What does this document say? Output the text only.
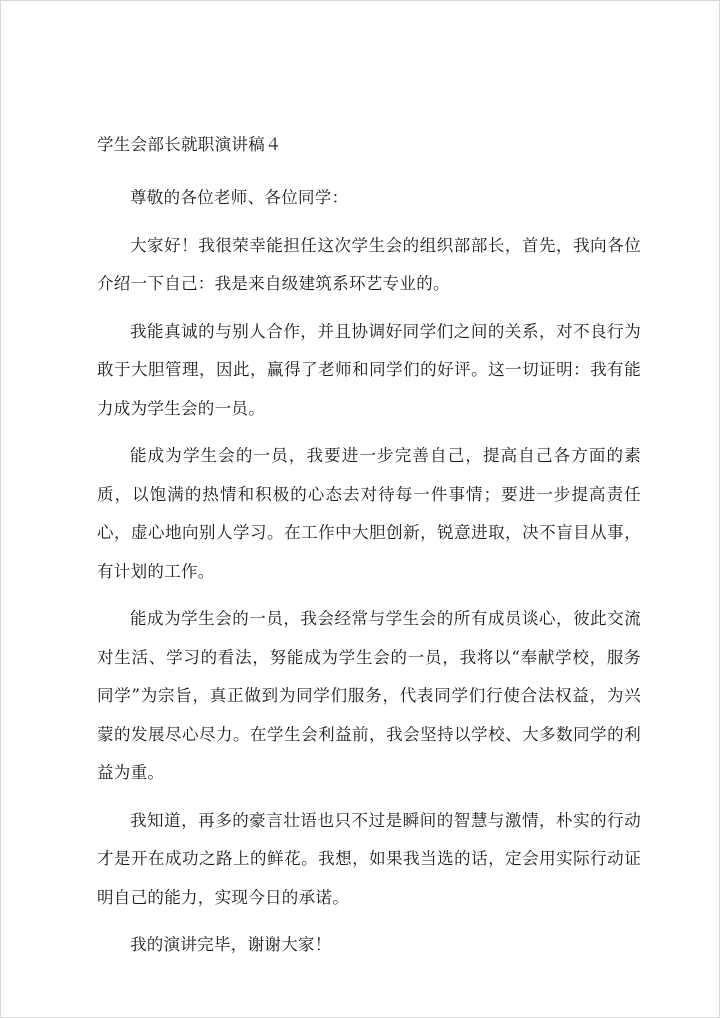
学生会部长就职演讲稿４

尊敬的各位老师、各位同学：

大家好！我很荣幸能担任这次学生会的组织部部长，首先，我向各位介绍一下自己：我是来自级建筑系环艺专业的。

我能真诚的与别人合作，并且协调好同学们之间的关系，对不良行为敢于大胆管理，因此，赢得了老师和同学们的好评。这一切证明：我有能力成为学生会的一员。

能成为学生会的一员，我要进一步完善自己，提高自己各方面的素质，以饱满的热情和积极的心态去对待每一件事情；要进一步提高责任心，虚心地向别人学习。在工作中大胆创新，锐意进取，决不盲目从事，有计划的工作。

能成为学生会的一员，我会经常与学生会的所有成员谈心，彼此交流对生活、学习的看法，努能成为学生会的一员，我将以“奉献学校，服务同学”为宗旨，真正做到为同学们服务，代表同学们行使合法权益，为兴蒙的发展尽心尽力。在学生会利益前，我会坚持以学校、大多数同学的利益为重。

我知道，再多的豪言壮语也只不过是瞬间的智慧与激情，朴实的行动才是开在成功之路上的鲜花。我想，如果我当选的话，定会用实际行动证明自己的能力，实现今日的承诺。

我的演讲完毕，谢谢大家！
